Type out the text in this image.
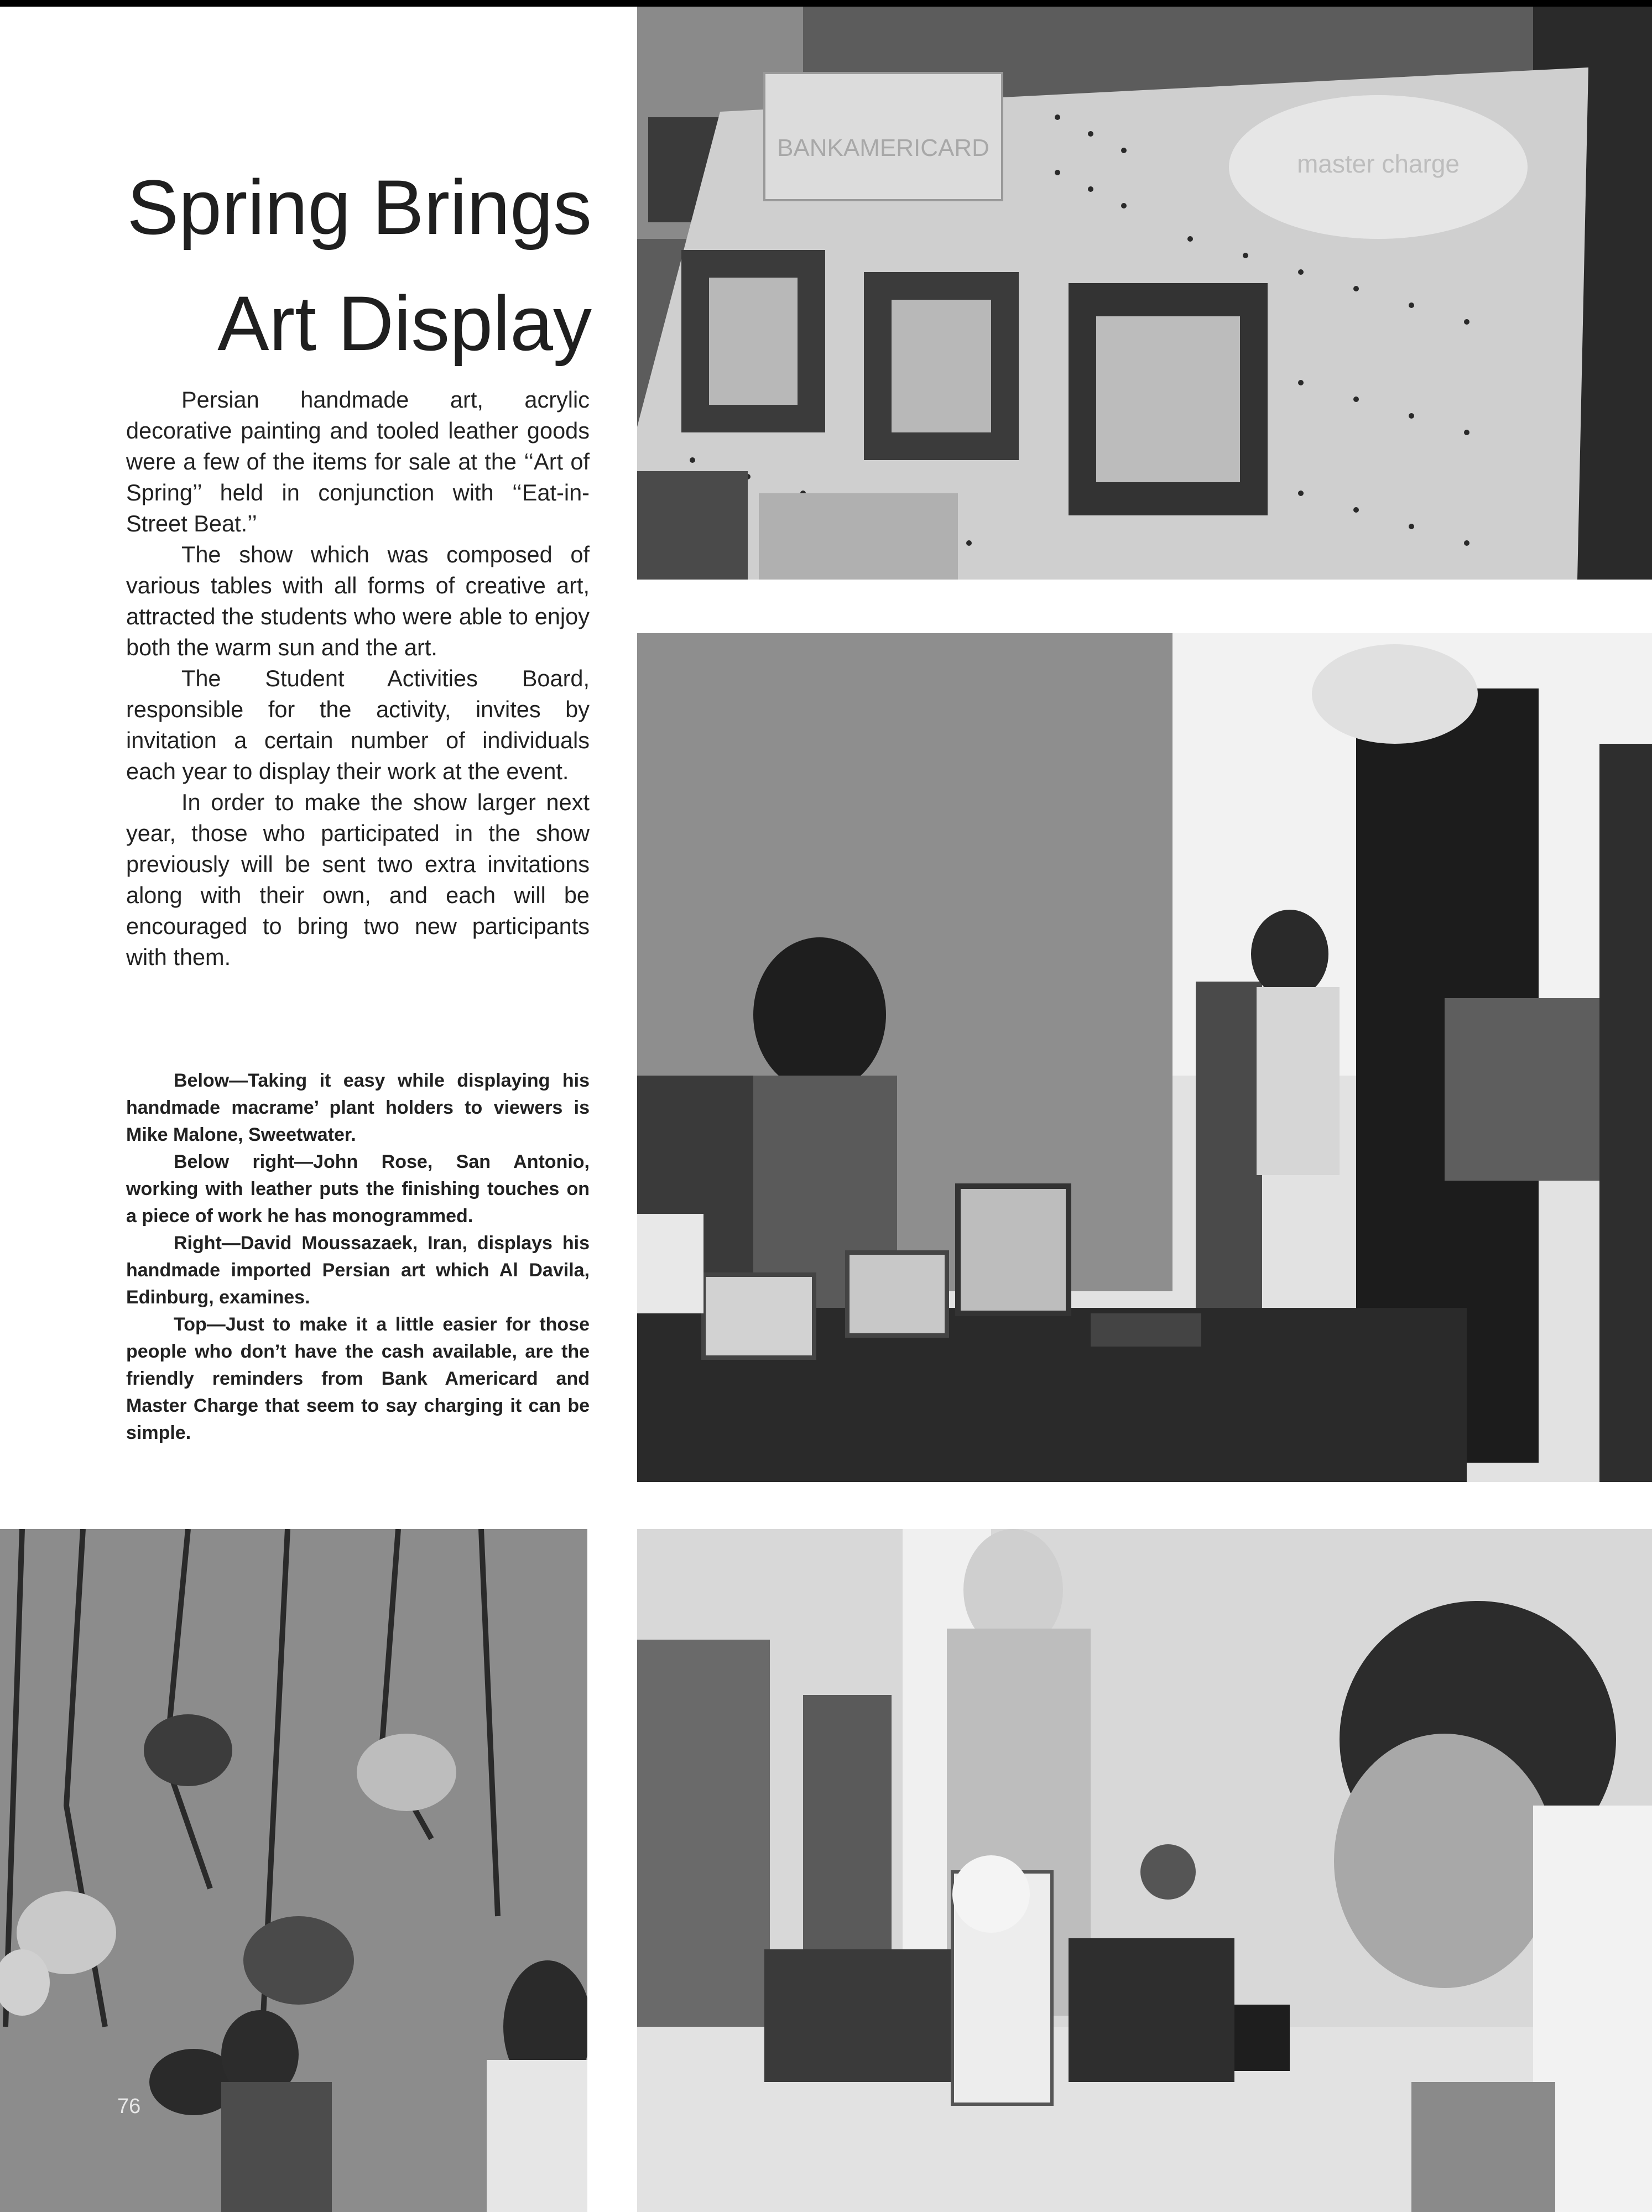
BANKAMERICARD
master charge
Spring Brings
Art Display

Persian handmade art, acrylic decorative painting and tooled leather goods were a few of the items for sale at the ‘‘Art of Spring’’ held in conjunction with ‘‘Eat-in-Street Beat.’’

The show which was composed of various tables with all forms of creative art, attracted the students who were able to enjoy both the warm sun and the art.

The Student Activities Board, responsible for the activity, invites by invitation a certain number of individuals each year to display their work at the event.

In order to make the show larger next year, those who participated in the show previously will be sent two extra invitations along with their own, and each will be encouraged to bring two new participants with them.

Below—Taking it easy while displaying his handmade macrame’ plant holders to viewers is Mike Malone, Sweetwater.

Below right—John Rose, San Antonio, working with leather puts the finishing touches on a piece of work he has monogrammed.

Right—David Moussazaek, Iran, displays his handmade imported Persian art which Al Davila, Edinburg, examines.

Top—Just to make it a little easier for those people who don’t have the cash available, are the friendly reminders from Bank Americard and Master Charge that seem to say charging it can be simple.

76
